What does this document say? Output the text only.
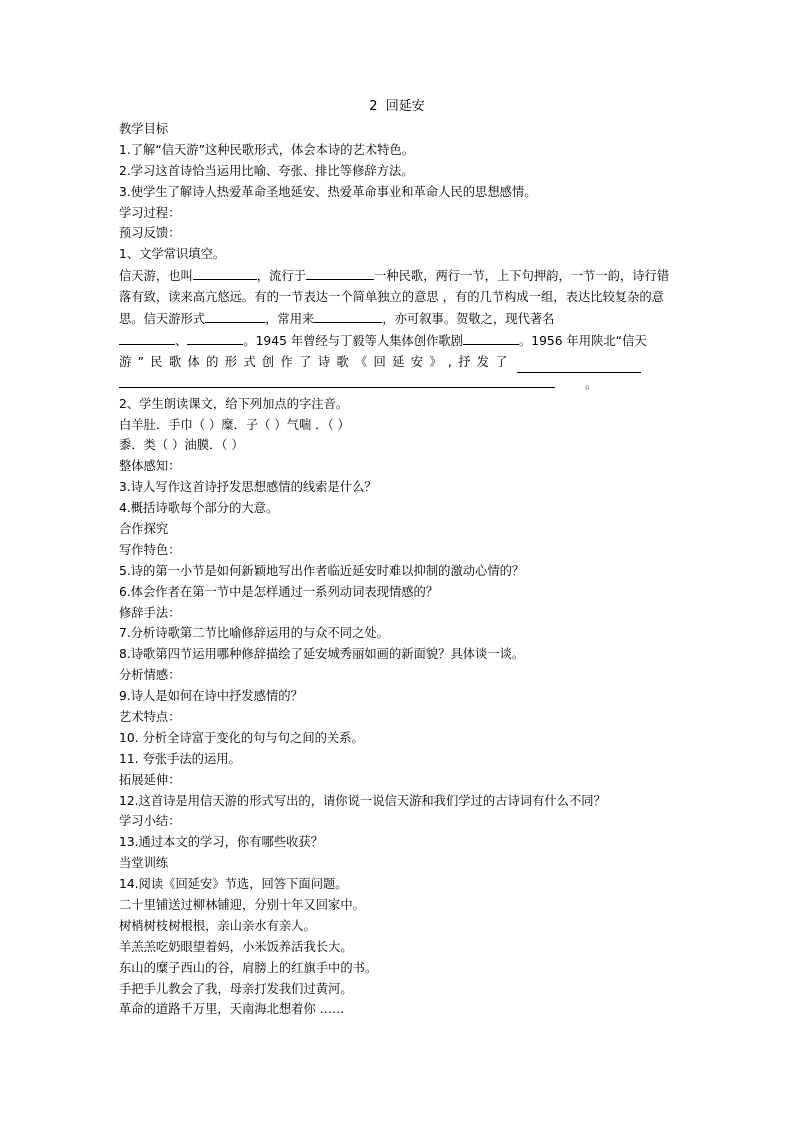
2  回延安
教学目标
1.了解“信天游”这种民歌形式，体会本诗的艺术特色。
2.学习这首诗恰当运用比喻、夸张、排比等修辞方法。
3.使学生了解诗人热爱革命圣地延安、热爱革命事业和革命人民的思想感情。
学习过程：
预习反馈：
1、文学常识填空。
信天游，也叫	，流行于	一种民歌，两行一节，上下句押韵，一节一韵，诗行错落有致，读来高亢悠远。有的一节表达一个简单独立的意思 ，有的几节构成一组，表达比较复杂的意思。信天游形式	，常用来	，亦可叙事。贺敬之，现代著名
、	。1945 年曾经与丁毅等人集体创作歌剧	。1956 年用陕北“信天
游 ” 民 歌 体 的 形 式 创 作 了 诗 歌 《 回 延 安 》 , 抒 发 了
。
2、学生朗读课文，给下列加点的字注音。
白羊肚．手巾（ ）糜．子（ ）气喘 ．（ ）
黍．类（ ）油膜．（ ）
整体感知：
3.诗人写作这首诗抒发思想感情的线索是什么？
4.概括诗歌每个部分的大意。
合作探究
写作特色：
5.诗的第一小节是如何新颖地写出作者临近延安时难以抑制的激动心情的？
6.体会作者在第一节中是怎样通过一系列动词表现情感的？
修辞手法：
7.分析诗歌第二节比喻修辞运用的与众不同之处。
8.诗歌第四节运用哪种修辞描绘了延安城秀丽如画的新面貌？具体谈一谈。
分析情感：
9.诗人是如何在诗中抒发感情的？
艺术特点：
10. 分析全诗富于变化的句与句之间的关系。
11. 夸张手法的运用。
拓展延伸：
12.这首诗是用信天游的形式写出的，请你说一说信天游和我们学过的古诗词有什么不同？
学习小结：
13.通过本文的学习，你有哪些收获？
当堂训练
14.阅读《回延安》节选，回答下面问题。
二十里铺送过柳林铺迎，分别十年又回家中。
树梢树枝树根根，亲山亲水有亲人。
羊羔羔吃奶眼望着妈，小米饭养活我长大。
东山的糜子西山的谷，肩膀上的红旗手中的书。
手把手儿教会了我，母亲打发我们过黄河。
革命的道路千万里，天南海北想着你 ……
